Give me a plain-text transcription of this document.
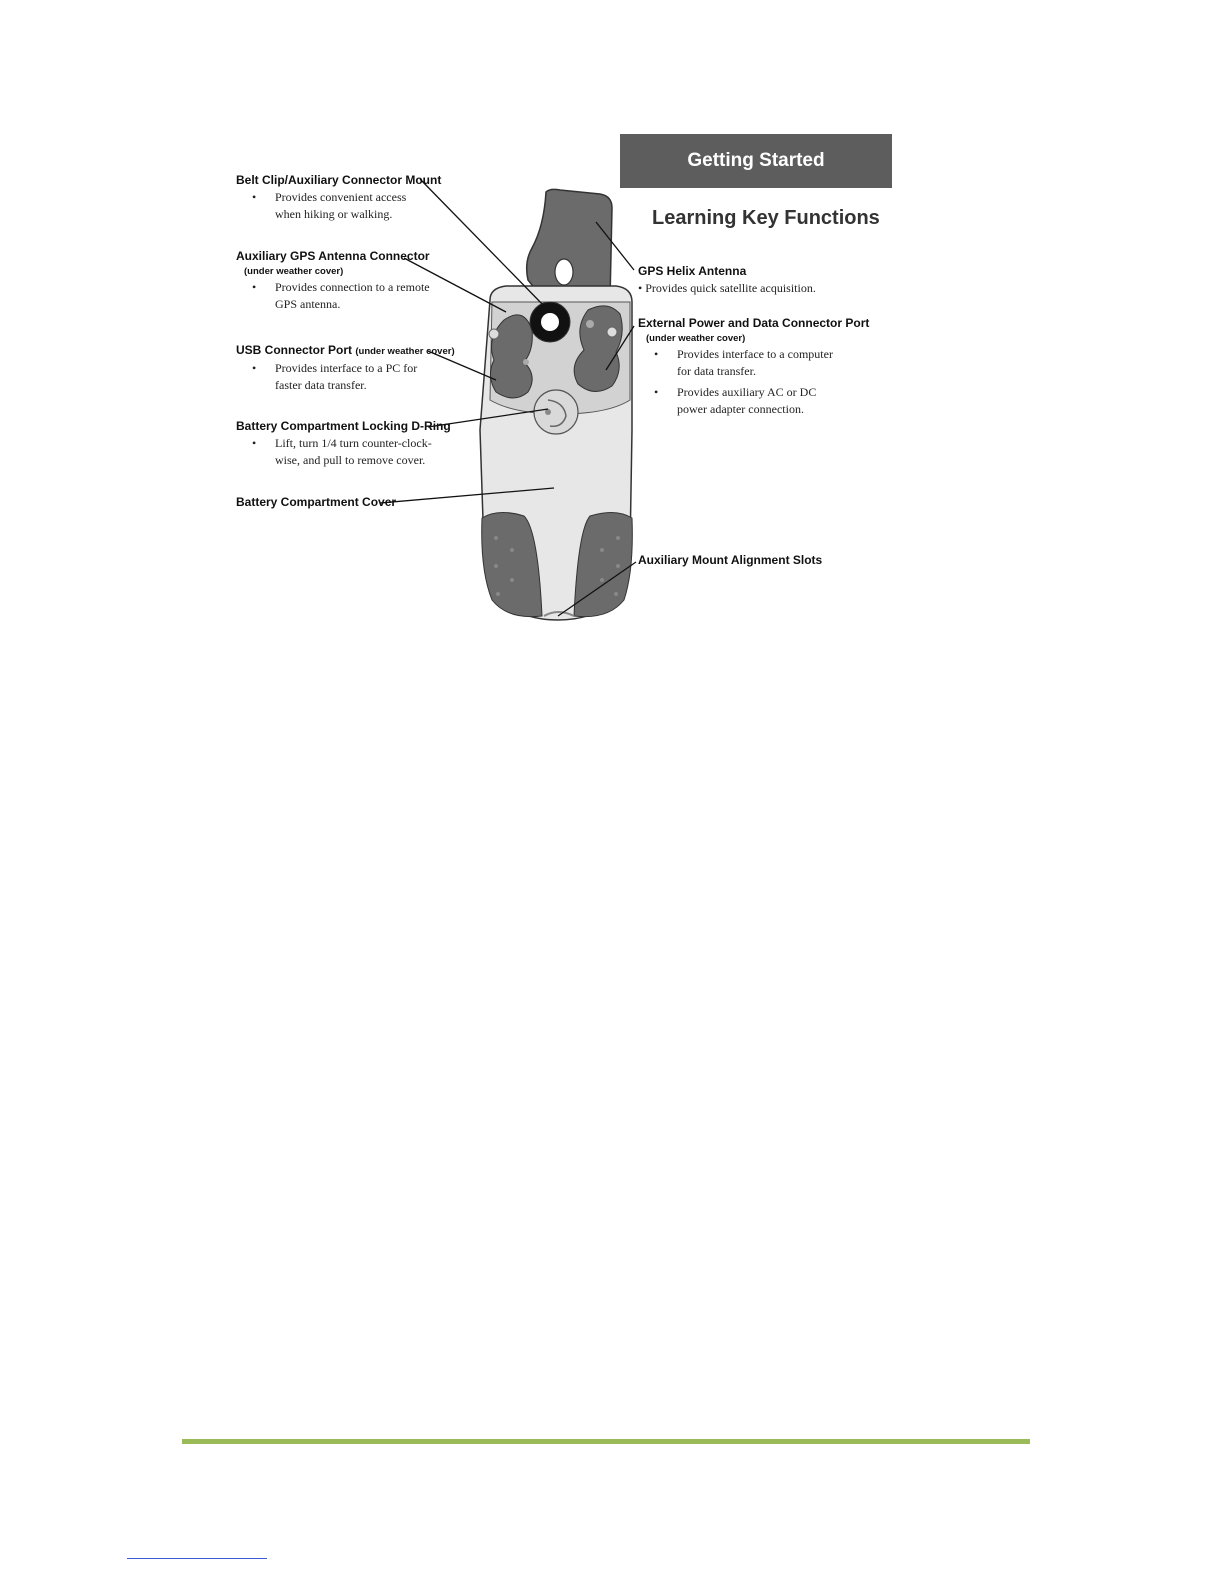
Getting Started
Learning Key Functions
Belt Clip/Auxiliary Connector Mount
• Provides convenient access
when hiking or walking.
Auxiliary GPS Antenna Connector
(under weather cover)
• Provides connection to a remote
GPS antenna.
USB Connector Port (under weather cover)
• Provides interface to a PC for
faster data transfer.
Battery Compartment Locking D-Ring
• Lift, turn 1/4 turn counter-clock-
wise, and pull to remove cover.
Battery Compartment Cover
GPS Helix Antenna
• Provides quick satellite acquisition.
External Power and Data Connector Port
(under weather cover)
• Provides interface to a computer
for data transfer.
• Provides auxiliary AC or DC
power adapter connection.
Auxiliary Mount Alignment Slots
